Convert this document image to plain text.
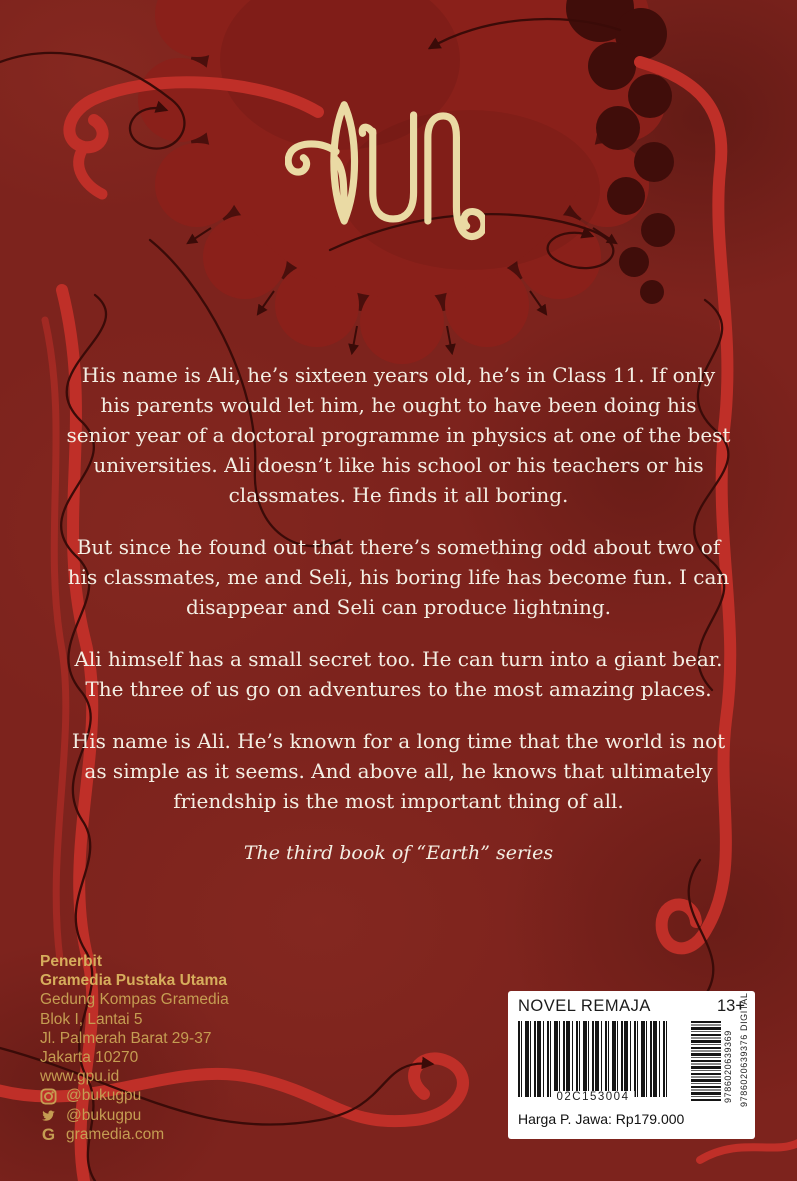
His name is Ali, he’s sixteen years old, he’s in Class 11. If only his parents would let him, he ought to have been doing his senior year of a doctoral programme in physics at one of the best universities. Ali doesn’t like his school or his teachers or his classmates. He finds it all boring.

But since he found out that there’s something odd about two of his classmates, me and Seli, his boring life has become fun. I can disappear and Seli can produce lightning.

Ali himself has a small secret too. He can turn into a giant bear. The three of us go on adventures to the most amazing places.

His name is Ali. He’s known for a long time that the world is not as simple as it seems. And above all, he knows that ultimately friendship is the most important thing of all.

The third book of “Earth” series

Penerbit
Gramedia Pustaka Utama
Gedung Kompas Gramedia
Blok I, Lantai 5
Jl. Palmerah Barat 29-37
Jakarta 10270
www.gpu.id
@bukugpu
@bukugpu
G gramedia.com
NOVEL REMAJA	13+
02C153004	9786020639369 9786020639376 DIGITAL
Harga P. Jawa: Rp179.000
